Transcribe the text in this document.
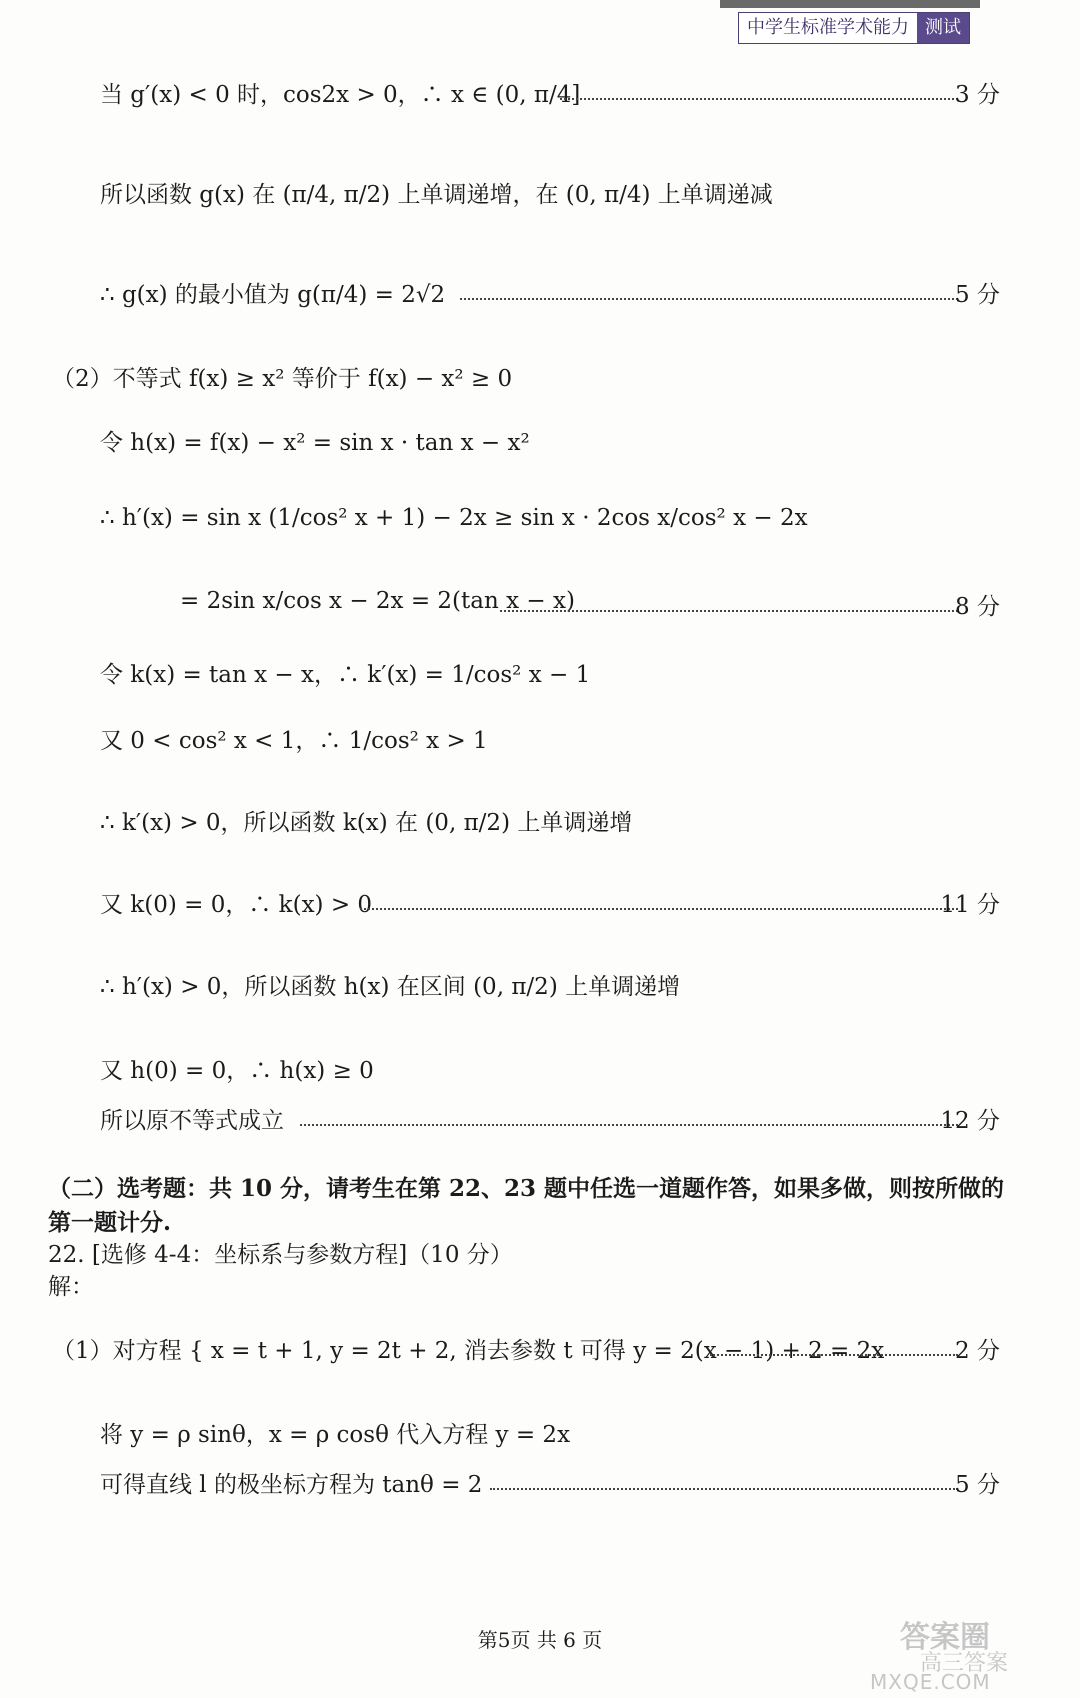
中学生标准学术能力 测试
当 g′(x) < 0 时，cos2x > 0，∴ x ∈ (0, π/4]	3 分
所以函数 g(x) 在 (π/4, π/2) 上单调递增，在 (0, π/4) 上单调递减
∴ g(x) 的最小值为 g(π/4) = 2√2	5 分
（2）不等式 f(x) ≥ x² 等价于 f(x) − x² ≥ 0
令 h(x) = f(x) − x² = sin x · tan x − x²
∴ h′(x) = sin x (1/cos² x + 1) − 2x ≥ sin x · 2cos x/cos² x − 2x
= 2sin x/cos x − 2x = 2(tan x − x)	8 分
令 k(x) = tan x − x，∴ k′(x) = 1/cos² x − 1
又 0 < cos² x < 1，∴ 1/cos² x > 1
∴ k′(x) > 0，所以函数 k(x) 在 (0, π/2) 上单调递增
又 k(0) = 0，∴ k(x) > 0	11 分
∴ h′(x) > 0，所以函数 h(x) 在区间 (0, π/2) 上单调递增
又 h(0) = 0，∴ h(x) ≥ 0
所以原不等式成立	12 分
（二）选考题：共 10 分，请考生在第 22、23 题中任选一道题作答，如果多做，则按所做的
第一题计分.
22. [选修 4-4：坐标系与参数方程]（10 分）
解：
（1）对方程 { x = t + 1, y = 2t + 2, 消去参数 t 可得 y = 2(x − 1) + 2 = 2x	2 分
将 y = ρ sinθ，x = ρ cosθ 代入方程 y = 2x
可得直线 l 的极坐标方程为 tanθ = 2	5 分
第5页 共 6 页	答案圈
高三答案
MXQE.COM
